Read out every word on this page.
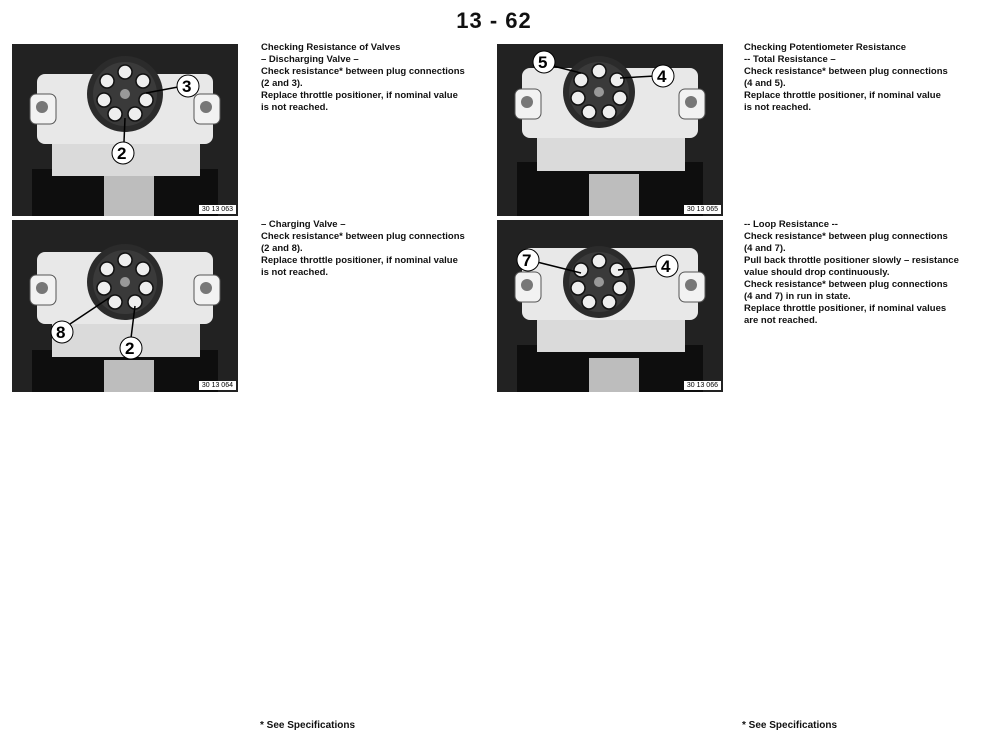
13 - 62
3
2
30 13 063

Checking Resistance of Valves

– Discharging Valve –

Check resistance* between plug connections

(2 and 3).

Replace throttle positioner, if nominal value

is not reached.

8
2
30 13 064

– Charging Valve –

Check resistance* between plug connections

(2 and 8).

Replace throttle positioner, if nominal value

is not reached.

5
4
30 13 065

Checking Potentiometer Resistance

-- Total Resistance –

Check resistance* between plug connections

(4 and 5).

Replace throttle positioner, if nominal value

is not reached.

7	4
30 13 066

-- Loop Resistance --

Check resistance* between plug connections

(4 and 7).

Pull back throttle positioner slowly – resistance

value should drop continuously.

Check resistance* between plug connections

(4 and 7) in run in state.

Replace throttle positioner, if nominal values

are not reached.

* See Specifications	* See Specifications
